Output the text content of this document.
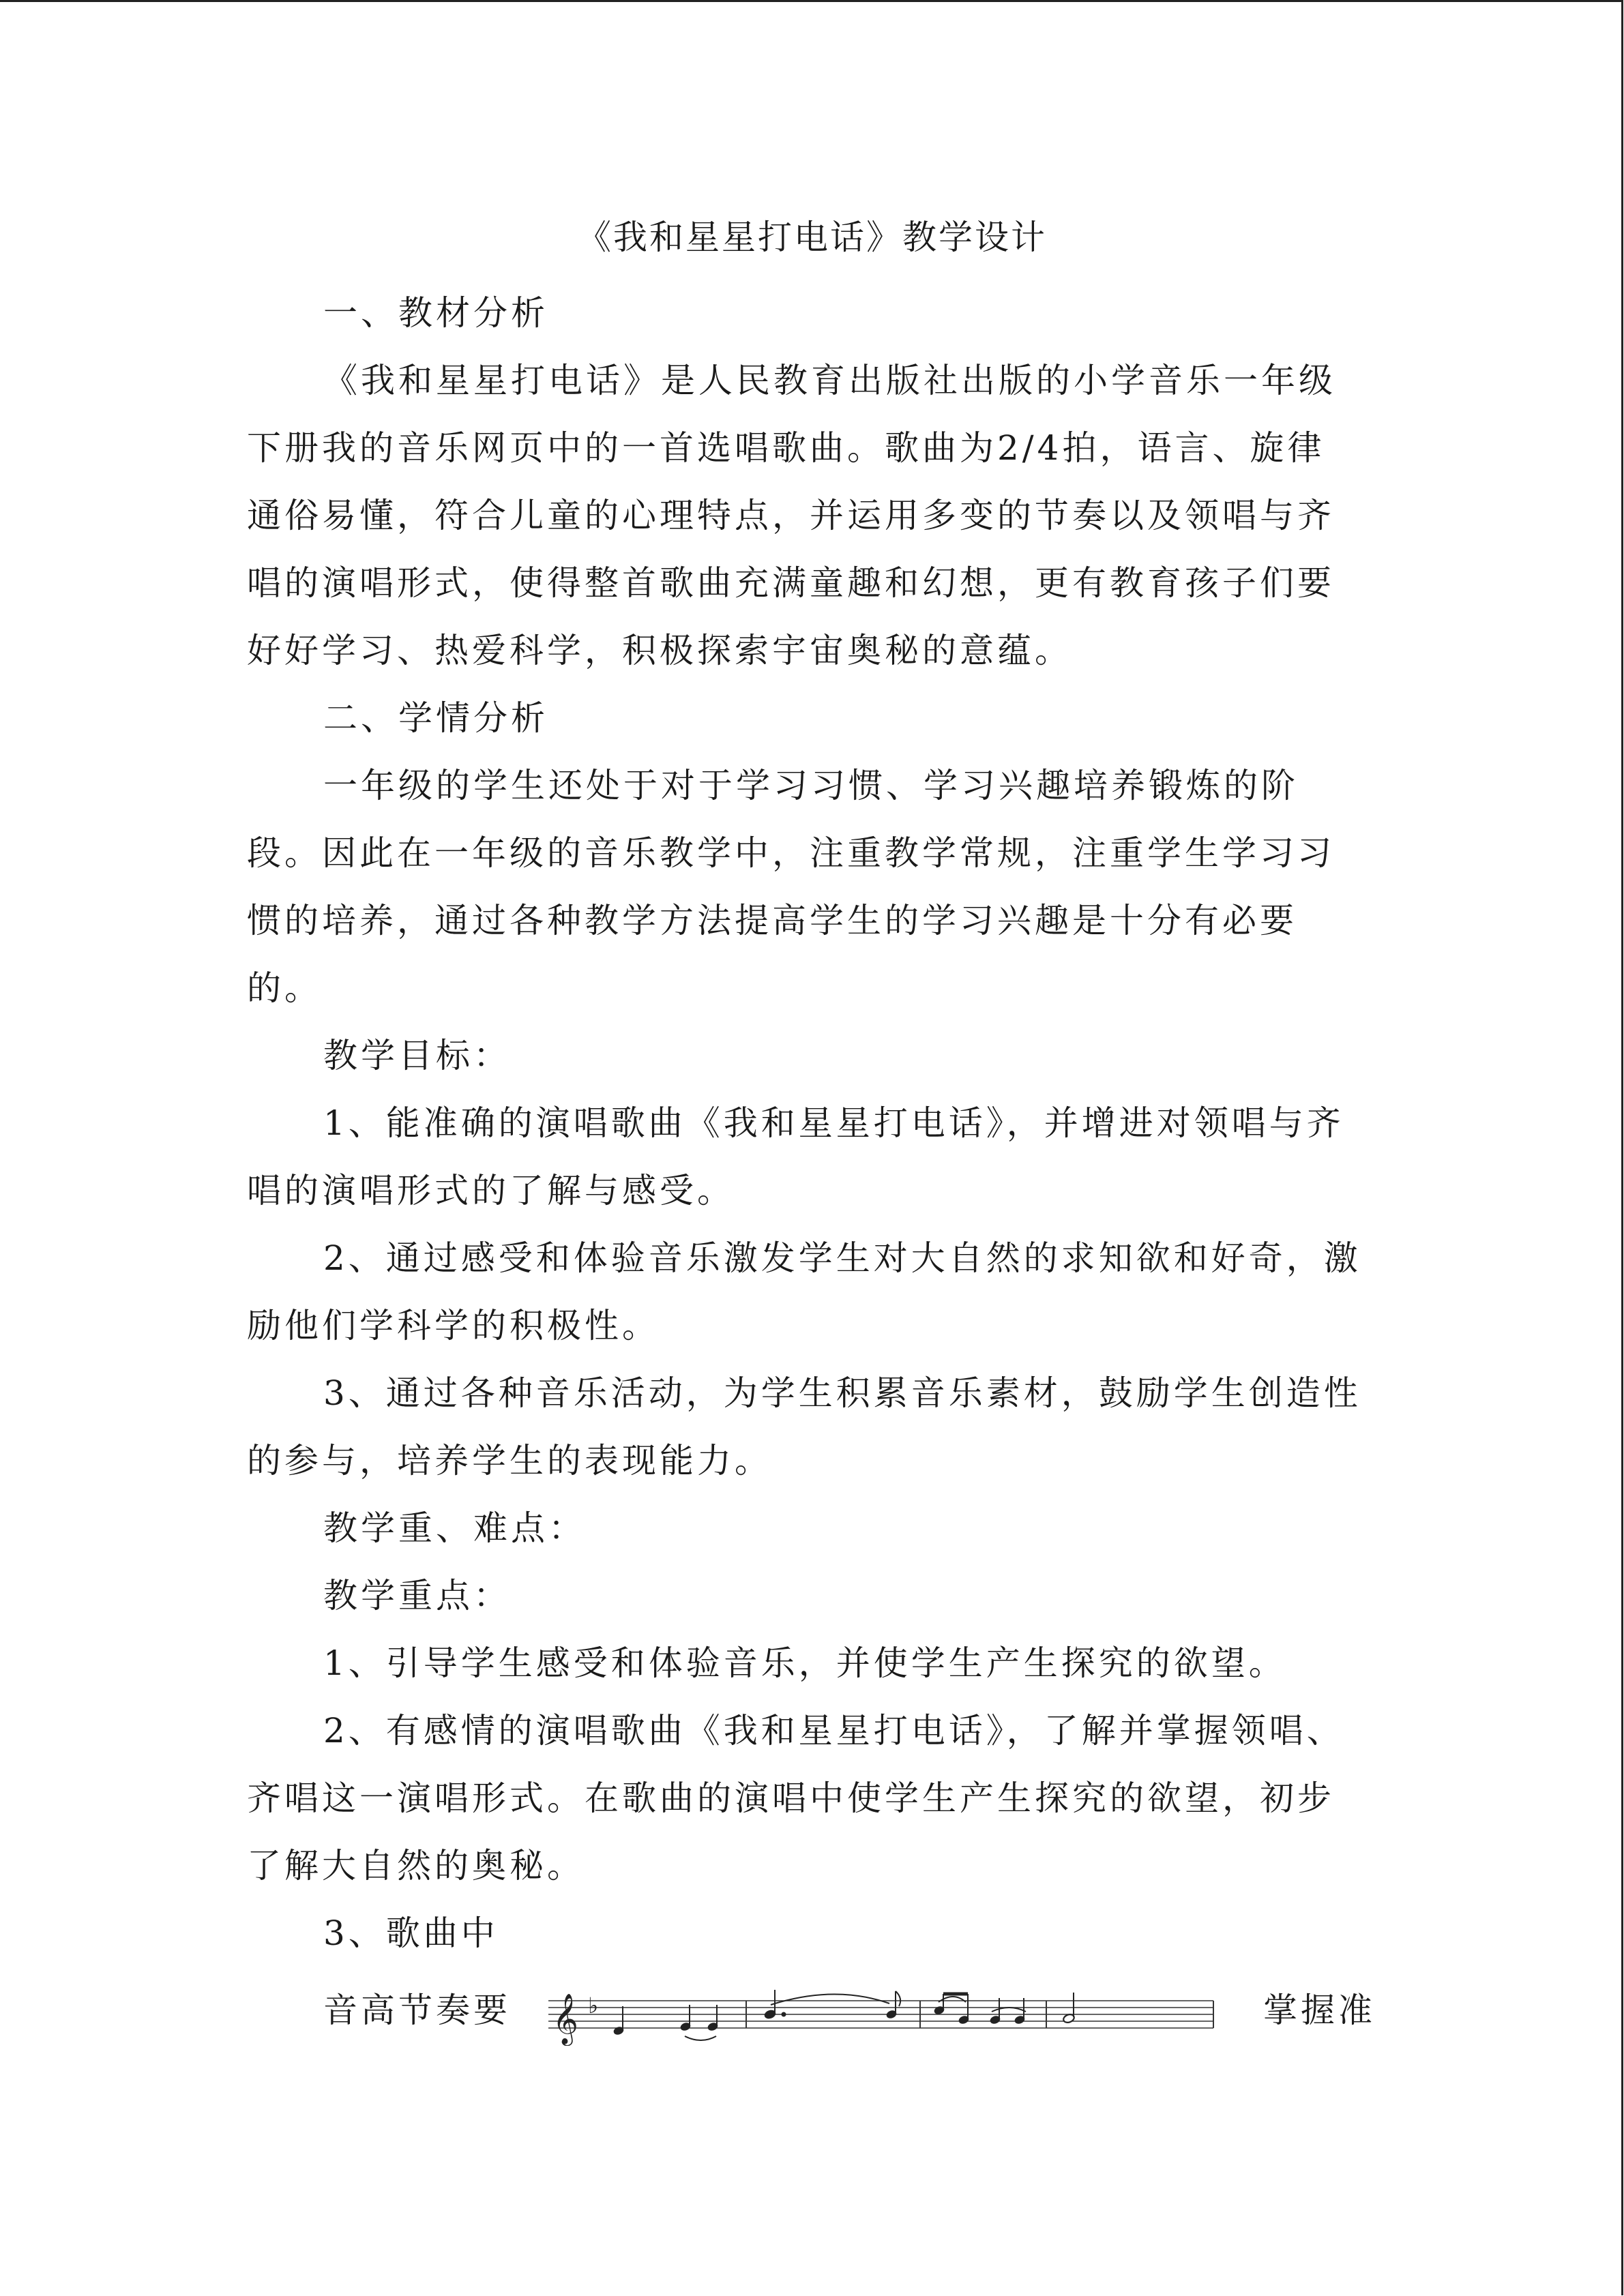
《我和星星打电话》教学设计

一、教材分析

《我和星星打电话》是人民教育出版社出版的小学音乐一年级
下册我的音乐网页中的一首选唱歌曲。歌曲为2/4拍，语言、旋律
通俗易懂，符合儿童的心理特点，并运用多变的节奏以及领唱与齐
唱的演唱形式，使得整首歌曲充满童趣和幻想，更有教育孩子们要
好好学习、热爱科学，积极探索宇宙奥秘的意蕴。

二、学情分析

一年级的学生还处于对于学习习惯、学习兴趣培养锻炼的阶
段。因此在一年级的音乐教学中，注重教学常规，注重学生学习习
惯的培养，通过各种教学方法提高学生的学习兴趣是十分有必要
的。

教学目标：

1、能准确的演唱歌曲《我和星星打电话》，并增进对领唱与齐
唱的演唱形式的了解与感受。
2、通过感受和体验音乐激发学生对大自然的求知欲和好奇，激
励他们学科学的积极性。
3、通过各种音乐活动，为学生积累音乐素材，鼓励学生创造性
的参与，培养学生的表现能力。

教学重、难点：

教学重点：

1、引导学生感受和体验音乐，并使学生产生探究的欲望。
2、有感情的演唱歌曲《我和星星打电话》，了解并掌握领唱、
齐唱这一演唱形式。在歌曲的演唱中使学生产生探究的欲望，初步
了解大自然的奥秘。
3、歌曲中
音高节奏要 𝄞 ♭	掌握准
